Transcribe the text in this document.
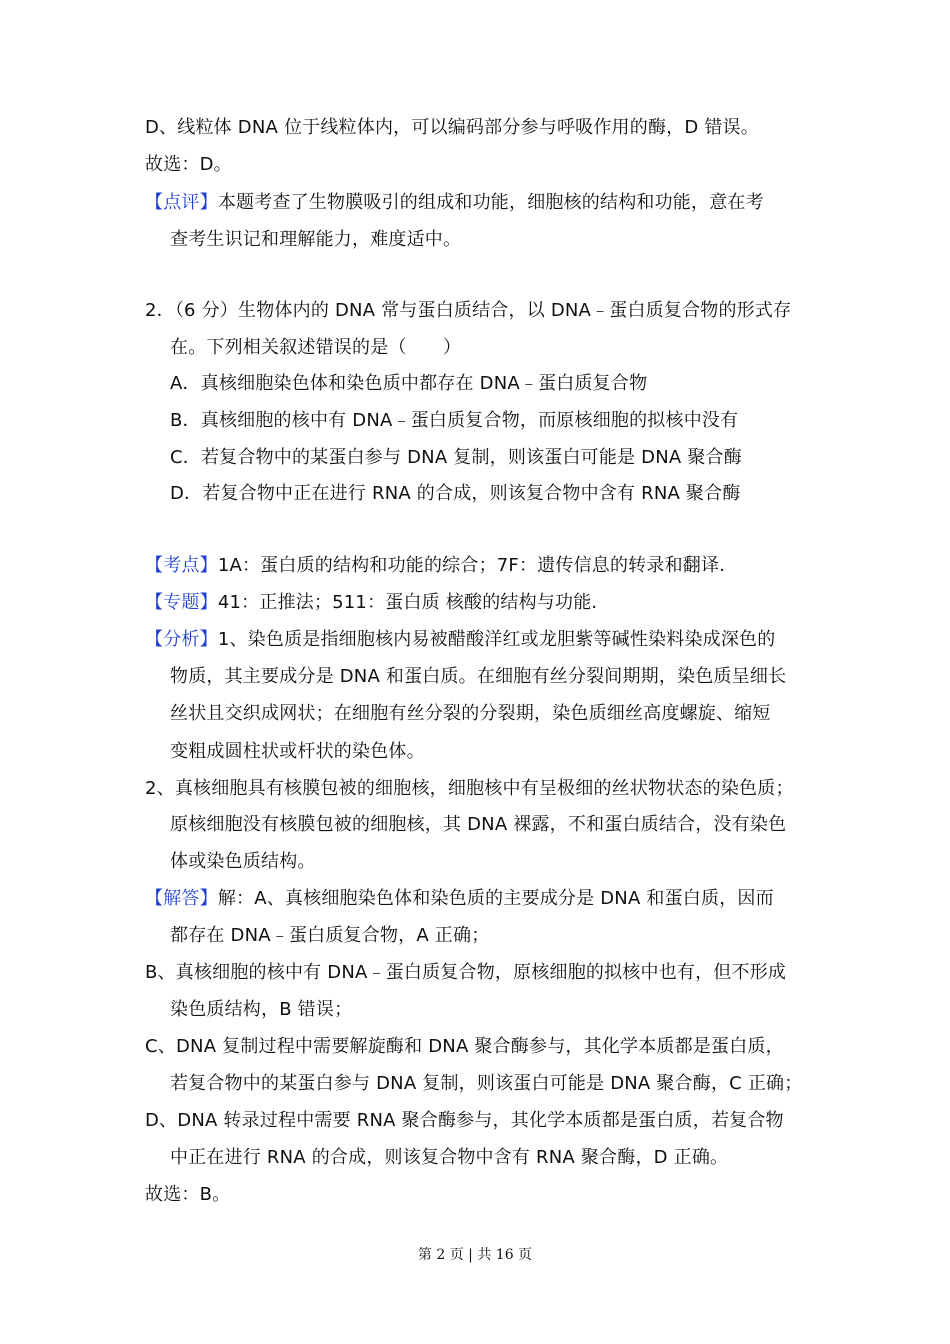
D、线粒体 DNA 位于线粒体内，可以编码部分参与呼吸作用的酶，D 错误。
故选：D。
【点评】本题考查了生物膜吸引的组成和功能，细胞核的结构和功能，意在考
查考生识记和理解能力，难度适中。
2．（6 分）生物体内的 DNA 常与蛋白质结合，以 DNA﹣蛋白质复合物的形式存
在。下列相关叙述错误的是（　　）
A．真核细胞染色体和染色质中都存在 DNA﹣蛋白质复合物
B．真核细胞的核中有 DNA﹣蛋白质复合物，而原核细胞的拟核中没有
C．若复合物中的某蛋白参与 DNA 复制，则该蛋白可能是 DNA 聚合酶
D．若复合物中正在进行 RNA 的合成，则该复合物中含有 RNA 聚合酶
【考点】1A：蛋白质的结构和功能的综合；7F：遗传信息的转录和翻译.
【专题】41：正推法；511：蛋白质 核酸的结构与功能.
【分析】1、染色质是指细胞核内易被醋酸洋红或龙胆紫等碱性染料染成深色的
物质，其主要成分是 DNA 和蛋白质。在细胞有丝分裂间期期，染色质呈细长
丝状且交织成网状；在细胞有丝分裂的分裂期，染色质细丝高度螺旋、缩短
变粗成圆柱状或杆状的染色体。
2、真核细胞具有核膜包被的细胞核，细胞核中有呈极细的丝状物状态的染色质；
原核细胞没有核膜包被的细胞核，其 DNA 裸露，不和蛋白质结合，没有染色
体或染色质结构。
【解答】解：A、真核细胞染色体和染色质的主要成分是 DNA 和蛋白质，因而
都存在 DNA﹣蛋白质复合物，A 正确；
B、真核细胞的核中有 DNA﹣蛋白质复合物，原核细胞的拟核中也有，但不形成
染色质结构，B 错误；
C、DNA 复制过程中需要解旋酶和 DNA 聚合酶参与，其化学本质都是蛋白质，
若复合物中的某蛋白参与 DNA 复制，则该蛋白可能是 DNA 聚合酶，C 正确；
D、DNA 转录过程中需要 RNA 聚合酶参与，其化学本质都是蛋白质，若复合物
中正在进行 RNA 的合成，则该复合物中含有 RNA 聚合酶，D 正确。
故选：B。
第 2 页 | 共 16 页
